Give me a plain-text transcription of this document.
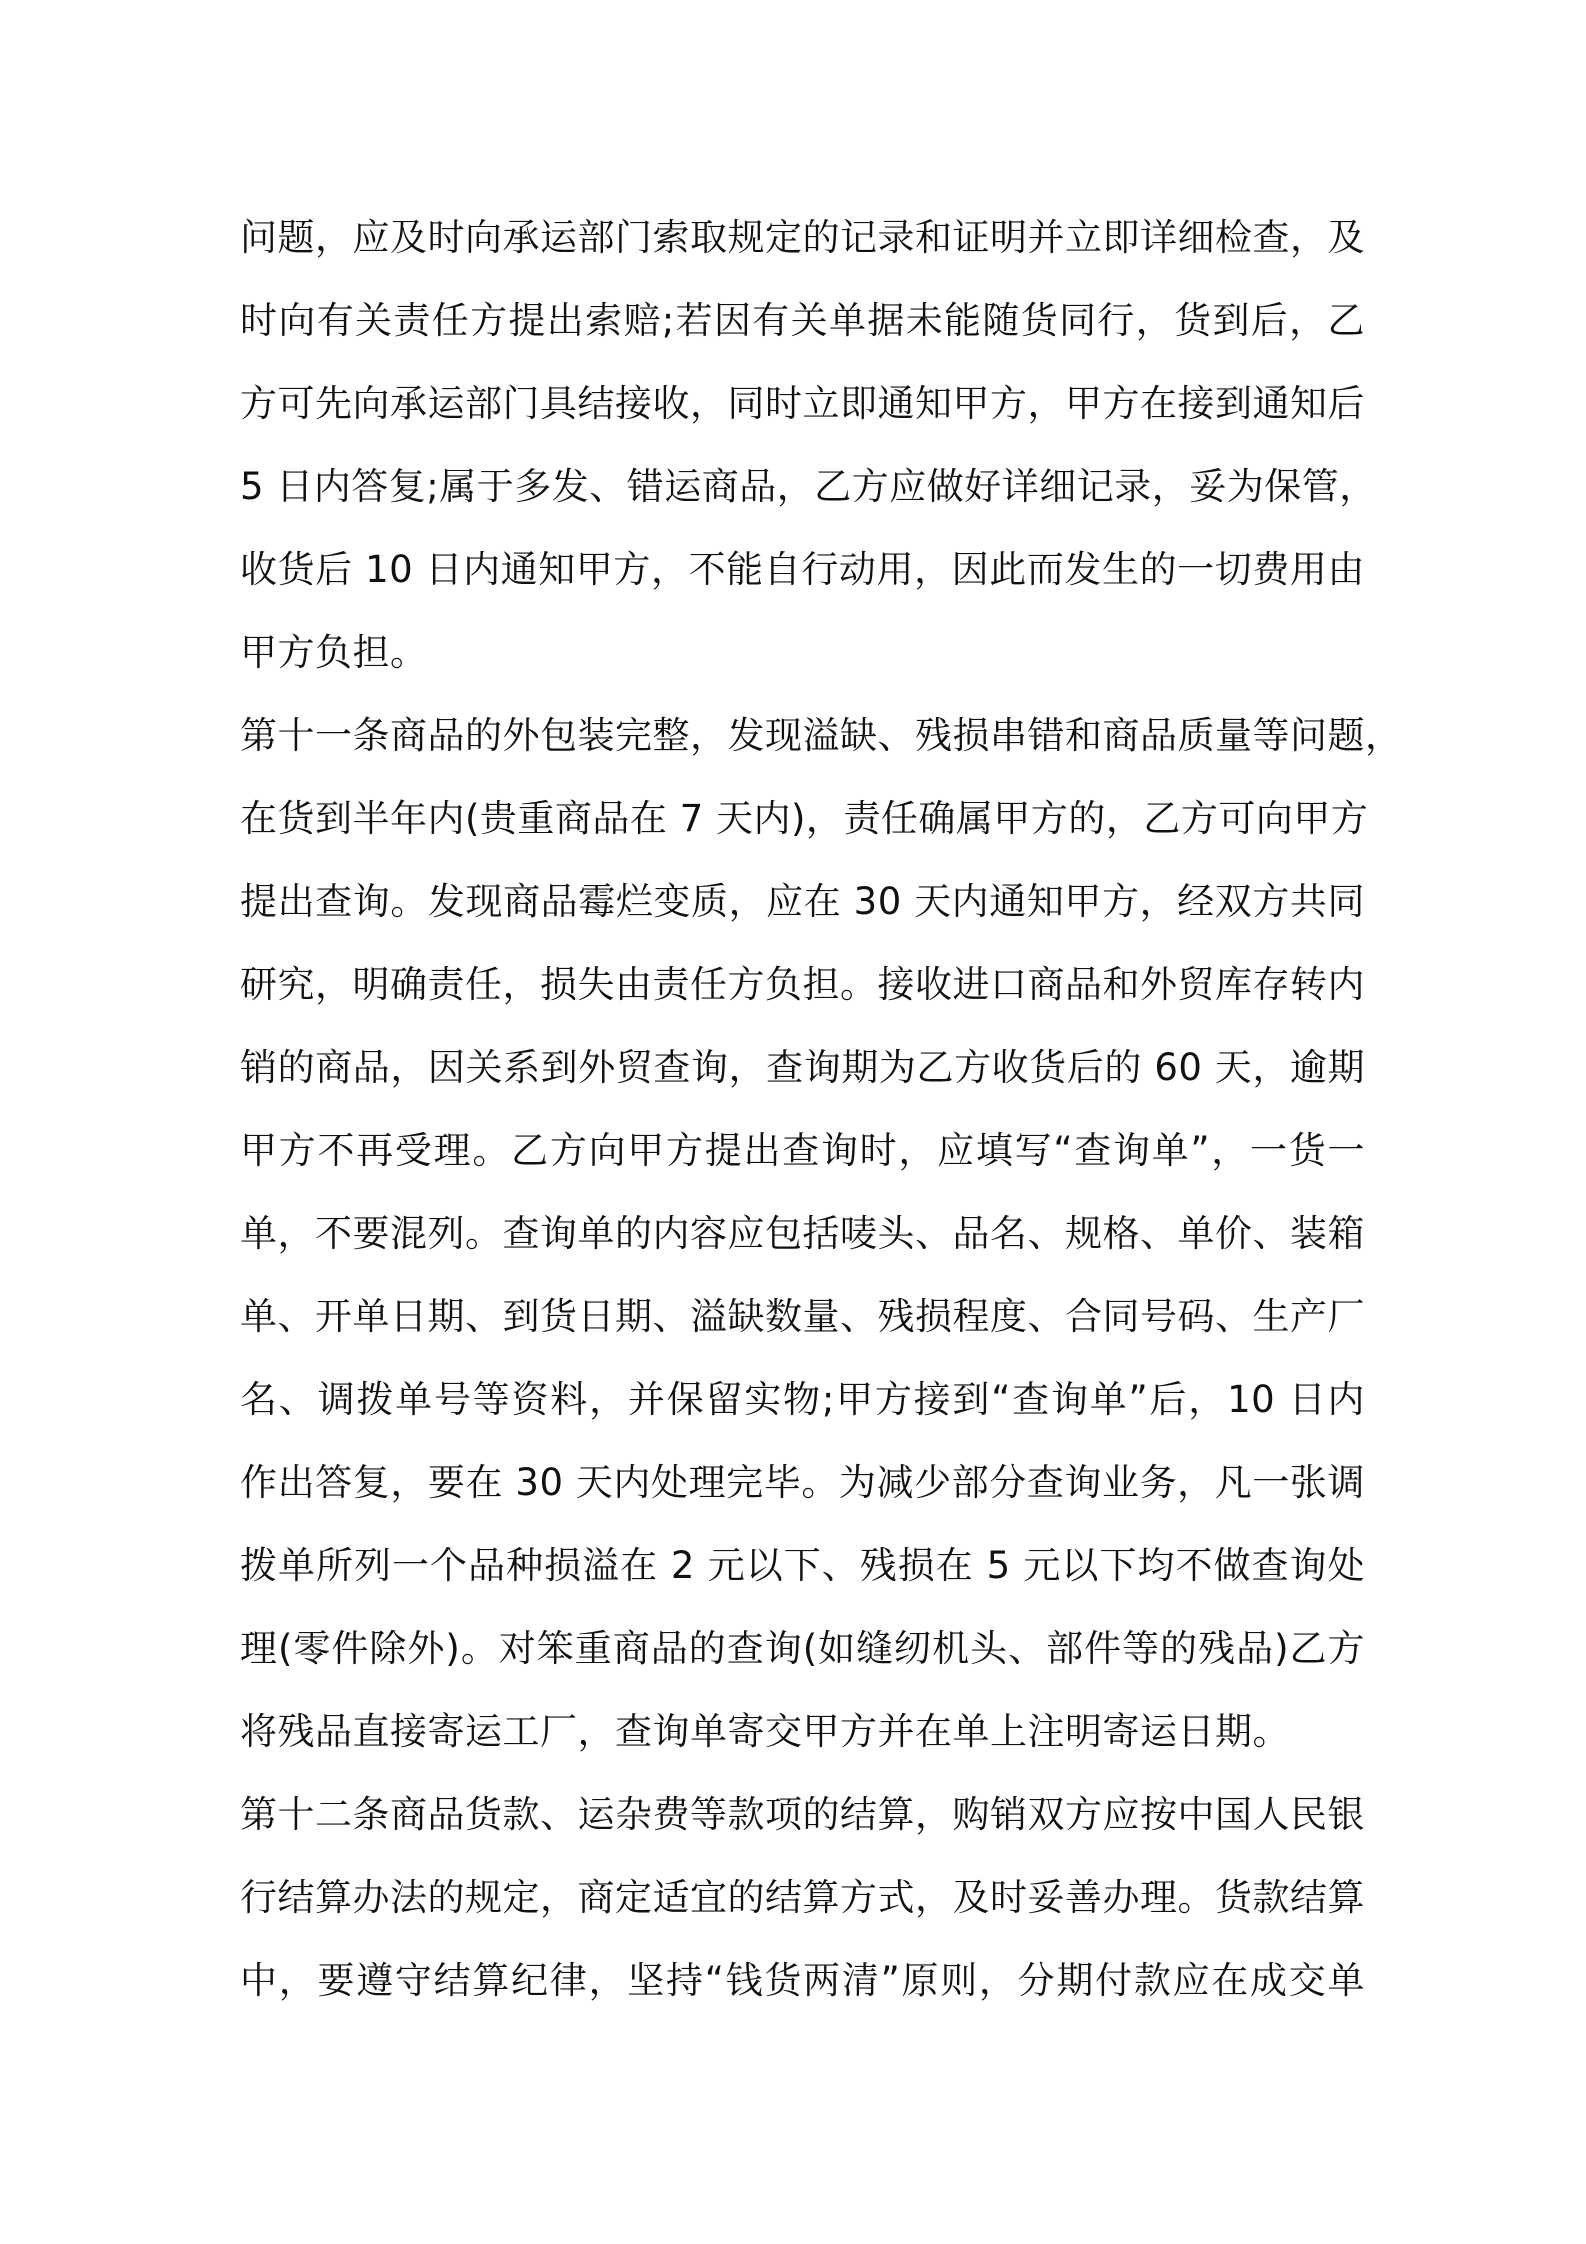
问题，应及时向承运部门索取规定的记录和证明并立即详细检查，及
时向有关责任方提出索赔;若因有关单据未能随货同行，货到后，乙
方可先向承运部门具结接收，同时立即通知甲方，甲方在接到通知后
5 日内答复;属于多发、错运商品，乙方应做好详细记录，妥为保管，
收货后 10 日内通知甲方，不能自行动用，因此而发生的一切费用由
甲方负担。
第十一条商品的外包装完整，发现溢缺、残损串错和商品质量等问题，
在货到半年内(贵重商品在 7 天内)，责任确属甲方的，乙方可向甲方
提出查询。发现商品霉烂变质，应在 30 天内通知甲方，经双方共同
研究，明确责任，损失由责任方负担。接收进口商品和外贸库存转内
销的商品，因关系到外贸查询，查询期为乙方收货后的 60 天，逾期
甲方不再受理。乙方向甲方提出查询时，应填写“查询单”，一货一
单，不要混列。查询单的内容应包括唛头、品名、规格、单价、装箱
单、开单日期、到货日期、溢缺数量、残损程度、合同号码、生产厂
名、调拨单号等资料，并保留实物;甲方接到“查询单”后，10 日内
作出答复，要在 30 天内处理完毕。为减少部分查询业务，凡一张调
拨单所列一个品种损溢在 2 元以下、残损在 5 元以下均不做查询处
理(零件除外)。对笨重商品的查询(如缝纫机头、部件等的残品)乙方
将残品直接寄运工厂，查询单寄交甲方并在单上注明寄运日期。
第十二条商品货款、运杂费等款项的结算，购销双方应按中国人民银
行结算办法的规定，商定适宜的结算方式，及时妥善办理。货款结算
中，要遵守结算纪律，坚持“钱货两清”原则，分期付款应在成交单
